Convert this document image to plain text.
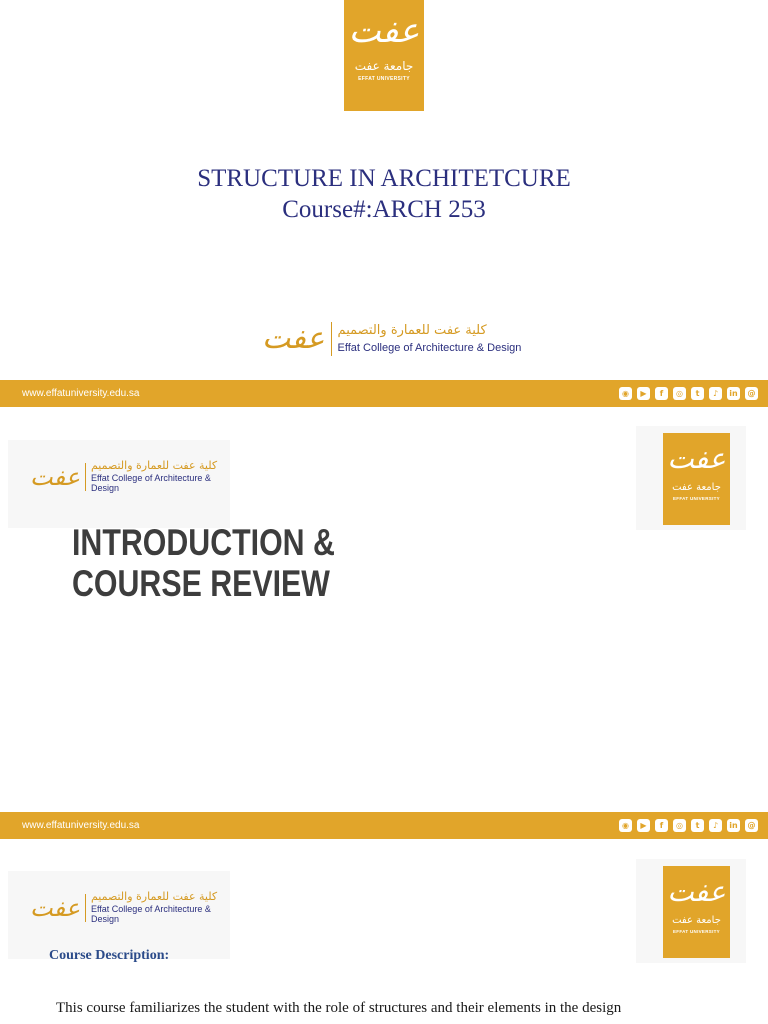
عفت
جامعة عفت
EFFAT UNIVERSITY
STRUCTURE IN ARCHITETCURE
Course#:ARCH 253
عفت كلية عفت للعمارة والتصميم
Effat College of Architecture & Design
www.effatuniversity.edu.sa	◉	▶	f	◎	t	♪	in	@
عفت كلية عفت للعمارة والتصميم
Effat College of Architecture & Design
عفت
جامعة عفت
EFFAT UNIVERSITY
INTRODUCTION &
COURSE REVIEW
www.effatuniversity.edu.sa	◉	▶	f	◎	t	♪	in	@
عفت كلية عفت للعمارة والتصميم
Effat College of Architecture & Design
عفت
جامعة عفت
EFFAT UNIVERSITY
Course Description:
This course familiarizes the student with the role of structures and their elements in the design
